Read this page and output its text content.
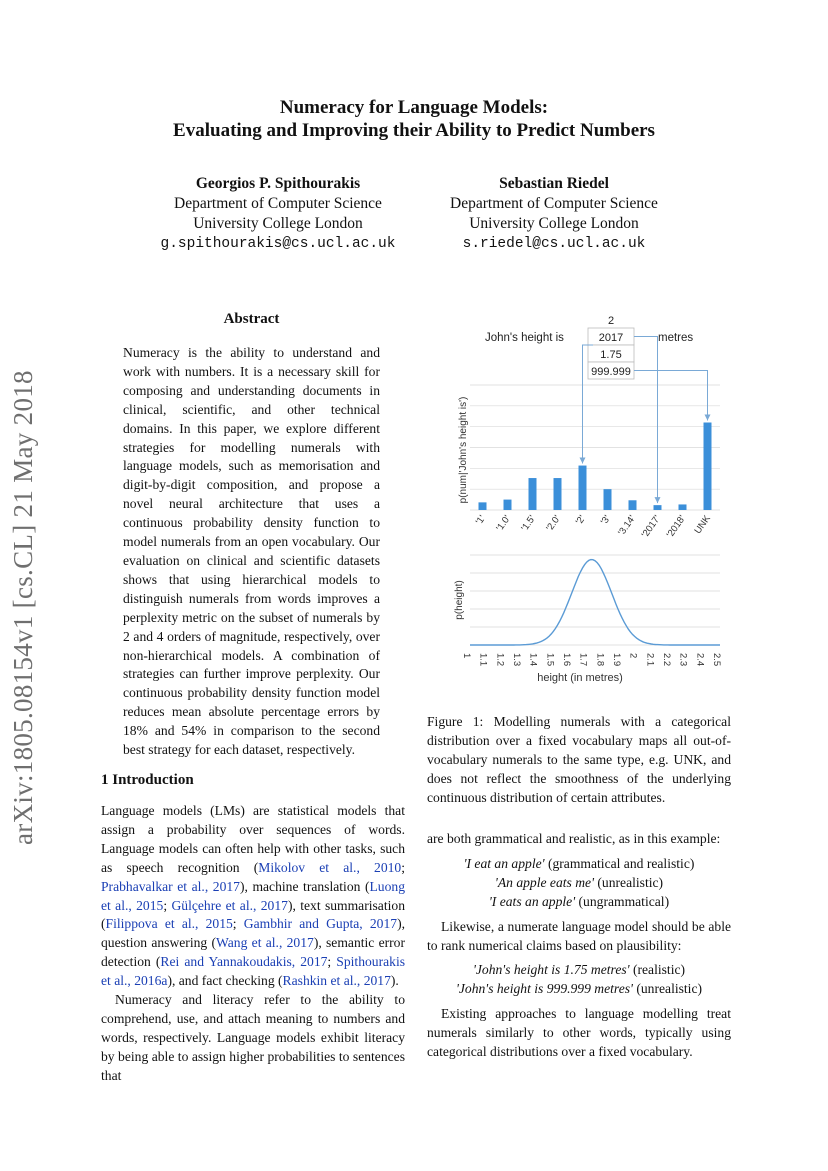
Numeracy for Language Models:
Evaluating and Improving their Ability to Predict Numbers
Georgios P. Spithourakis
Department of Computer Science
University College London
g.spithourakis@cs.ucl.ac.uk
Sebastian Riedel
Department of Computer Science
University College London
s.riedel@cs.ucl.ac.uk
arXiv:1805.08154v1 [cs.CL] 21 May 2018
Abstract

Numeracy is the ability to understand and work with numbers. It is a necessary skill for composing and understanding documents in clinical, scientific, and other technical domains. In this paper, we explore different strategies for modelling numerals with language models, such as memorisation and digit-by-digit composition, and propose a novel neural architecture that uses a continuous probability density function to model numerals from an open vocabulary. Our evaluation on clinical and scientific datasets shows that using hierarchical models to distinguish numerals from words improves a perplexity metric on the subset of numerals by 2 and 4 orders of magnitude, respectively, over non-hierarchical models. A combination of strategies can further improve perplexity. Our continuous probability density function model reduces mean absolute percentage errors by 18% and 54% in comparison to the second best strategy for each dataset, respectively.

1 Introduction

Language models (LMs) are statistical models that assign a probability over sequences of words. Language models can often help with other tasks, such as speech recognition (Mikolov et al., 2010; Prabhavalkar et al., 2017), machine translation (Luong et al., 2015; Gülçehre et al., 2017), text summarisation (Filippova et al., 2015; Gambhir and Gupta, 2017), question answering (Wang et al., 2017), semantic error detection (Rei and Yannakoudakis, 2017; Spithourakis et al., 2016a), and fact checking (Rashkin et al., 2017).

Numeracy and literacy refer to the ability to comprehend, use, and attach meaning to numbers and words, respectively. Language models exhibit literacy by being able to assign higher probabilities to sentences that

John's height is	metres
2
2017
1.75
999.999
'1' '1.0' '1.5' '2.0' '2' '3' '3.14' '2017' '2018' UNK
p(num|'John's height is')
1 1.1 1.2 1.3 1.4 1.5 1.6 1.7 1.8 1.9 2 2.1 2.2 2.3 2.4 2.5
height (in metres)
p(height)
Figure 1: Modelling numerals with a categorical distribution over a fixed vocabulary maps all out-of-vocabulary numerals to the same type, e.g. UNK, and does not reflect the smoothness of the underlying continuous distribution of certain attributes.

are both grammatical and realistic, as in this example:

'I eat an apple' (grammatical and realistic)

'An apple eats me' (unrealistic)

'I eats an apple' (ungrammatical)

Likewise, a numerate language model should be able to rank numerical claims based on plausibility:

'John's height is 1.75 metres' (realistic)

'John's height is 999.999 metres' (unrealistic)

Existing approaches to language modelling treat numerals similarly to other words, typically using categorical distributions over a fixed vocabulary.
